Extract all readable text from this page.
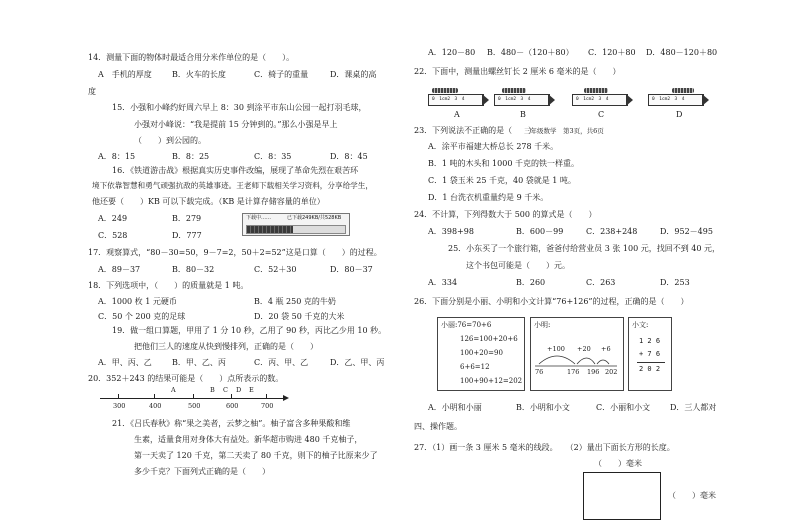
14．测量下面的物体时最适合用分米作单位的是（　　）。
A　手机的厚度	B．火车的长度	C．椅子的重量	D．课桌的高
度
15．小强和小峰约好周六早上 8：30 到涂平市东山公园一起打羽毛球，
小强对小峰说：“我是提前 15 分钟到的。”那么小强是早上
（　　）到公园的。
A．8：15	B．8：25	C．8：35	D．8：45
16．《铁道游击战》根据真实历史事件改编，展现了革命先烈在艰苦环
境下依靠智慧和勇气顽强抗敌的英雄事迹。王老师下载相关学习资料，分享给学生，
他还要（　　）KB 可以下载完成。（KB 是计算存储容量的单位）
A．249	B．279
C．528	D．777
下载中……	已下载249KB/共528KB
17．观察算式，“80－30=50，9－7=2，50＋2=52”这是口算（　　）的过程。
A．89－37	B．80－32	C．52＋30	D．80－37
18．下列选项中，（　　）的质量就是 1 吨。
A．1000 枚 1 元硬币	B．4 瓶 250 克的牛奶
C．50 个 200 克的足球	D．20 袋 50 千克的大米
19．做一组口算题，甲用了 1 分 10 秒，乙用了 90 秒，丙比乙少用 10 秒。
把他们三人的速度从快到慢排列，正确的是（　　）
A．甲、丙、乙	B．甲、乙、丙	C．丙、甲、乙	D．乙、甲、丙
20．352＋243 的结果可能是（　　）点所表示的数。
300	400	500	600	700
A	B C D E
21．《吕氏春秋》称“果之美者，云梦之柚”。柚子富含多种果酸和维
生素，适量食用对身体大有益处。新华超市购进 480 千克柚子，
第一天卖了 120 千克，第二天卖了 80 千克，则下的柚子比原来少了
多少千克？下面列式正确的是（　　）
A．120－80 B．480－（120＋80） C．120＋80 D．480－120＋80
22．下面中，测量出螺丝钉长 2 厘米 6 毫米的是（　　）
0　1cm2　3　4	0　1cm2　3　4	0　1cm2　3　4	0　1cm2　3　4
A	B	C	D
23．下列说法不正确的是（　　）
三年级数学　第3页，共6页
A．涂平市福建大桥总长 278 千米。
B．1 吨的木头和 1000 千克的铁一样重。
C．1 袋玉米 25 千克，40 袋就是 1 吨。
D．1 台洗衣机重量约是 9 千米。
24．不计算，下列得数大于 500 的算式是（　　）
A．398+98	B．600－99	C．238+248	D．952－495
25．小东买了一个旅行箱，爸爸付给营业员 3 张 100 元，找回不到 40 元，
这个书包可能是（　　）元。
A．334	B．260	C．263	D．253
26．下面分别是小丽、小明和小文计算“76+126”的过程，正确的是（　　）
小丽:76=70+6
126=100+20+6
100+20=90
6+6=12
100+90+12=202
小明:
+100 +20 +6
76	176 196 202
小文:
1 2 6
+ 7 6
2 0 2
A．小明和小丽	B．小明和小文	C．小丽和小文 D．三人都对
四、操作题。
27．（1）画一条 3 厘米 5 毫米的线段。　　（2）量出下面长方形的长度。
（　　）毫米
（　　）毫米
